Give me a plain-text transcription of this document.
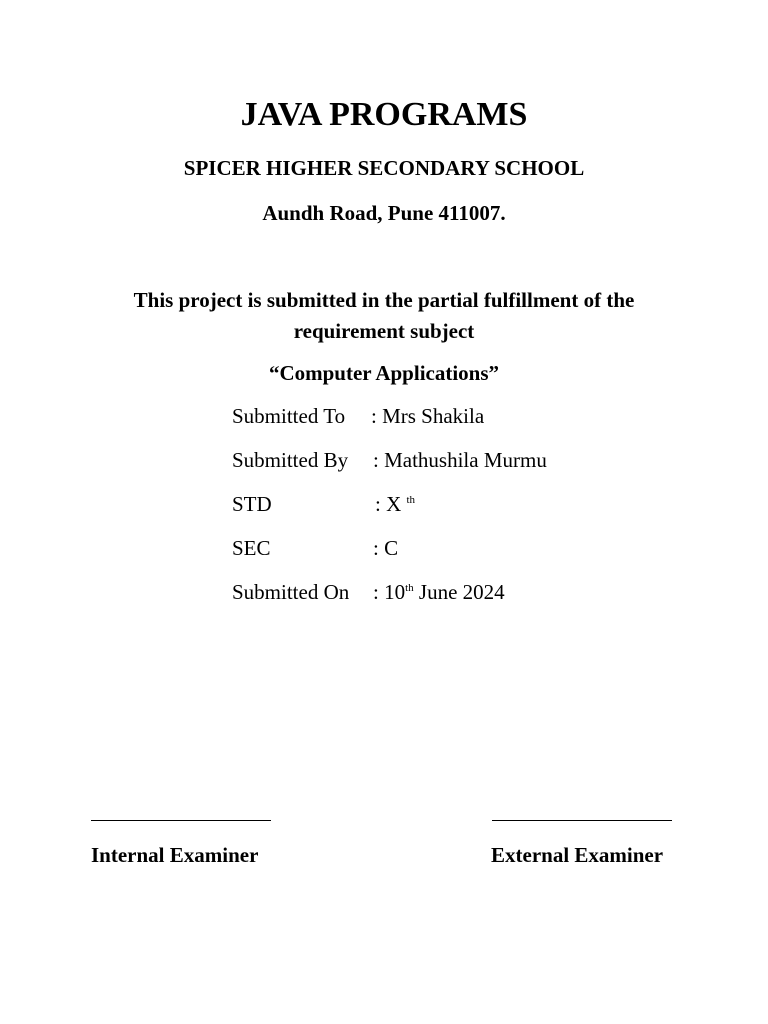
JAVA PROGRAMS
SPICER HIGHER SECONDARY SCHOOL
Aundh Road, Pune 411007.
This project is submitted in the partial fulfillment of the requirement subject
“Computer Applications”
Submitted To : Mrs Shakila
Submitted By : Mathushila Murmu
STD	: X $^{th}$
SEC	: C
Submitted On : 10th June 2024
Internal Examiner	External Examiner
